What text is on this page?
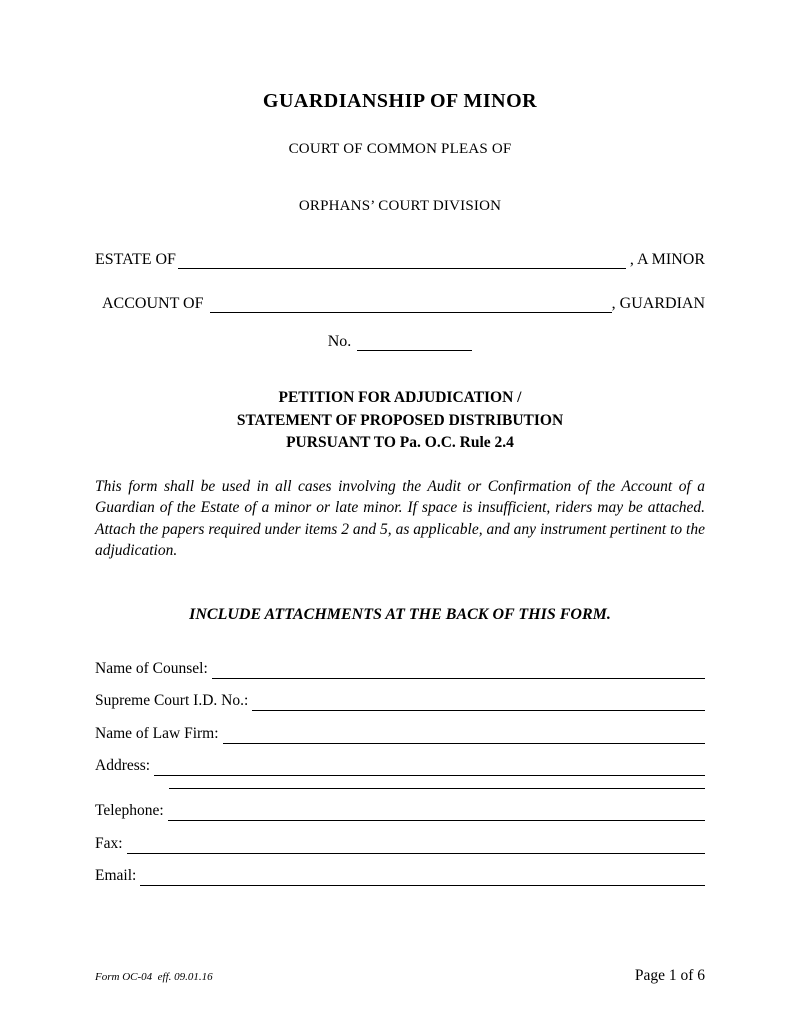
GUARDIANSHIP OF MINOR
COURT OF COMMON PLEAS OF
ORPHANS’ COURT DIVISION
ESTATE OF	, A MINOR
ACCOUNT OF	, GUARDIAN
No.
PETITION FOR ADJUDICATION /
STATEMENT OF PROPOSED DISTRIBUTION
PURSUANT TO Pa. O.C. Rule 2.4

This form shall be used in all cases involving the Audit or Confirmation of the Account of a Guardian of the Estate of a minor or late minor. If space is insufficient, riders may be attached. Attach the papers required under items 2 and 5, as applicable, and any instrument pertinent to the adjudication.

INCLUDE ATTACHMENTS AT THE BACK OF THIS FORM.
Name of Counsel:
Supreme Court I.D. No.:
Name of Law Firm:
Address:
Telephone:
Fax:
Email:
Form OC-04  eff. 09.01.16	Page 1 of 6
